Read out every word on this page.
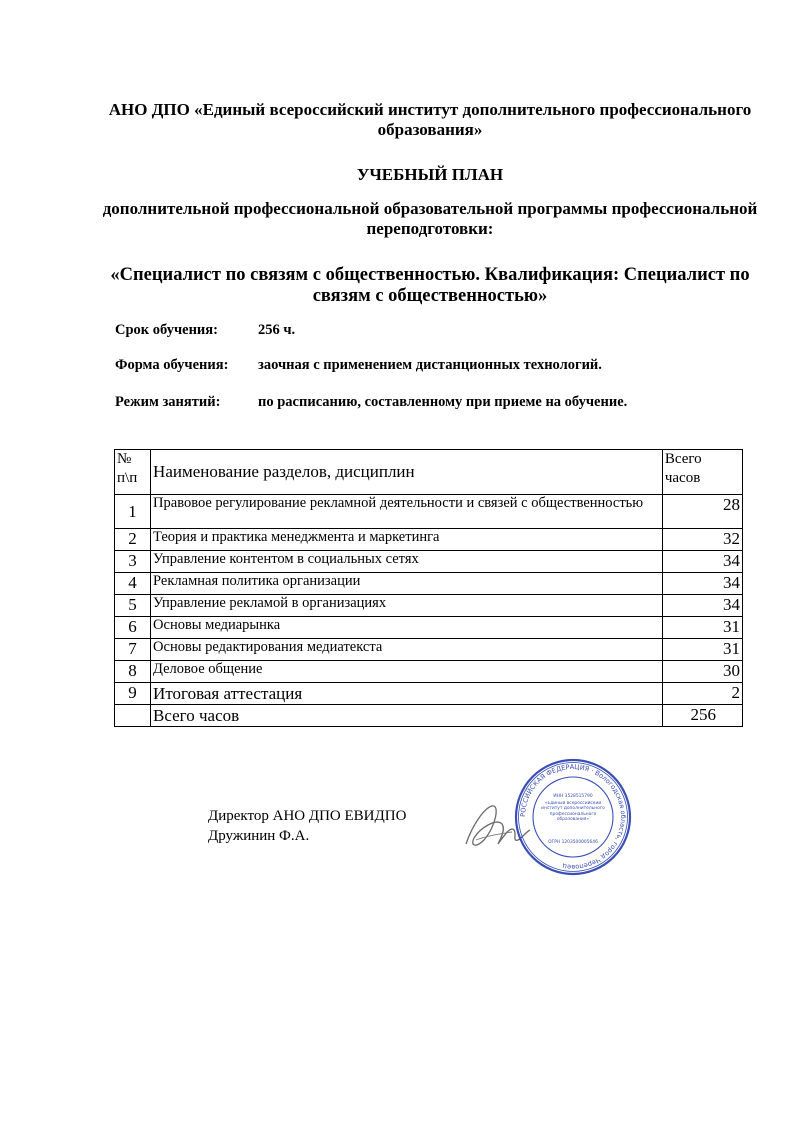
АНО ДПО «Единый всероссийский институт дополнительного профессионального образования»
УЧЕБНЫЙ ПЛАН
дополнительной профессиональной образовательной программы профессиональной переподготовки:
«Специалист по связям с общественностью. Квалификация: Специалист по связям с общественностью»
Срок обучения:	256 ч.
Форма обучения: заочная с применением дистанционных технологий.
Режим занятий:	по расписанию, составленному при приеме на обучение.
№ п\п	Наименование разделов, дисциплин	Всего часов
1	Правовое регулирование рекламной деятельности и связей с общественностью	28
2	Теория и практика менеджмента и маркетинга	32
3	Управление контентом в социальных сетях	34
4	Рекламная политика организации	34
5	Управление рекламой в организациях	34
6	Основы медиарынка	31
7	Основы редактирования медиатекста	31
8	Деловое общение	30
9	Итоговая аттестация	2
	Всего часов	256
Директор АНО ДПО ЕВИДПО
Дружинин Ф.А.
РОССИЙСКАЯ ФЕДЕРАЦИЯ · Вологодская область, город Череповец
ИНН 3528515790
«Единый всероссийский институт дополнительного профессионального образования»
ОГРН 1203500005646
